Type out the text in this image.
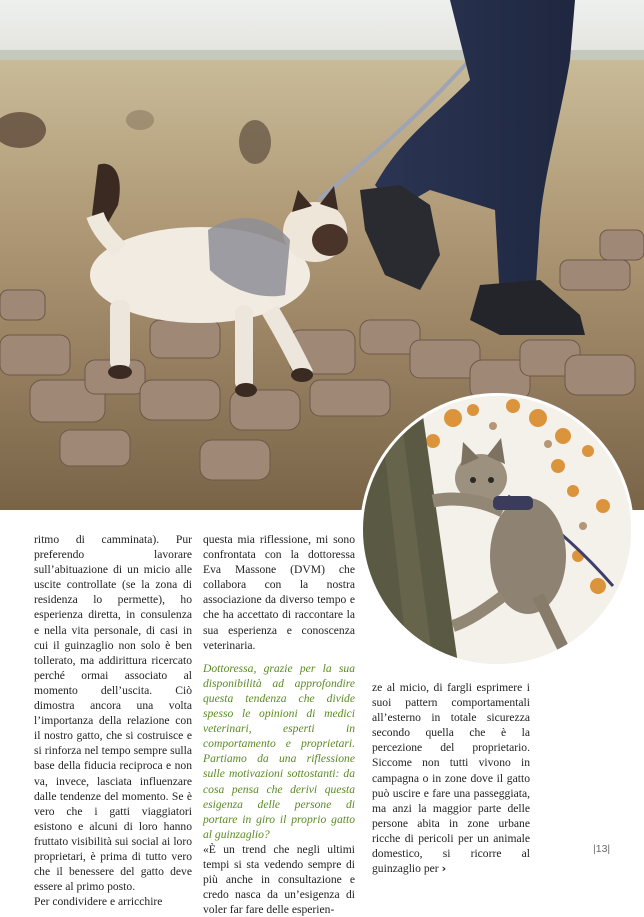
ritmo di camminata). Pur preferendo lavorare sull’abituazione di un micio alle uscite controllate (se la zona di residenza lo permette), ho esperienza diretta, in consulenza e nella vita personale, di casi in cui il guinzaglio non solo è ben tollerato, ma addirittura ricercato perché ormai associato al momento dell’uscita. Ciò dimostra ancora una volta l’importanza della relazione con il nostro gatto, che si costruisce e si rinforza nel tempo sempre sulla base della fiducia reciproca e non va, invece, lasciata influenzare dalle tendenze del momento. Se è vero che i gatti viaggiatori esistono e alcuni di loro hanno fruttato visibilità sui social ai loro proprietari, è prima di tutto vero che il benessere del gatto deve essere al primo posto.
Per condividere e arricchire

questa mia riflessione, mi sono confrontata con la dottoressa Eva Massone (DVM) che collabora con la nostra associazione da diverso tempo e che ha accettato di raccontare la sua esperienza e conoscenza veterinaria.

Dottoressa, grazie per la sua disponibilità ad approfondire questa tendenza che divide spesso le opinioni di medici veterinari, esperti in comportamento e proprietari. Partiamo da una riflessione sulle motivazioni sottostanti: da cosa pensa che derivi questa esigenza delle persone di portare in giro il proprio gatto al guinzaglio?

«È un trend che negli ultimi tempi si sta vedendo sempre di più anche in consultazione e credo nasca da un’esigenza di voler far fare delle esperien-

ze al micio, di fargli esprimere i suoi pattern comportamentali all’esterno in totale sicurezza secondo quella che è la percezione del proprietario. Siccome non tutti vivono in campagna o in zone dove il gatto può uscire e fare una passeggiata, ma anzi la maggior parte delle persone abita in zone urbane ricche di pericoli per un animale domestico, si ricorre al guinzaglio per ›

|13|
